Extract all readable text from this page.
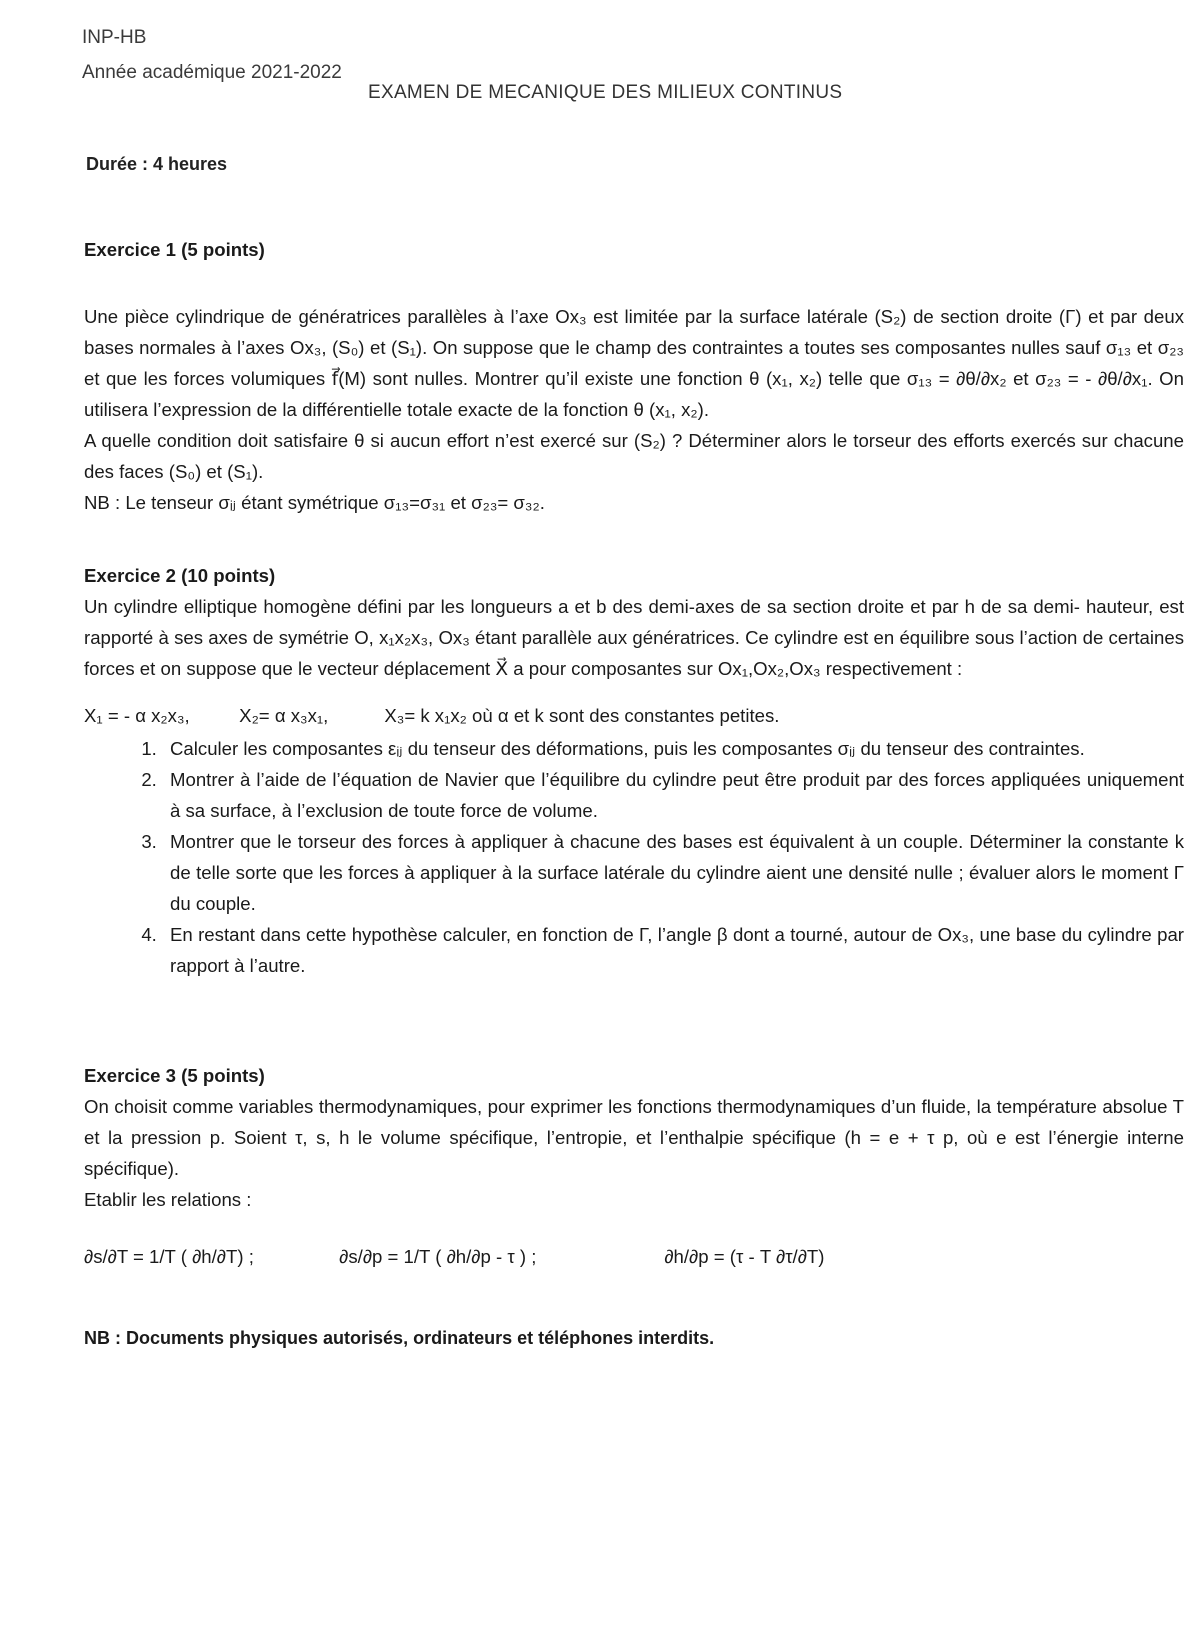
INP-HB
Année académique 2021-2022
EXAMEN DE MECANIQUE DES MILIEUX CONTINUS
Durée : 4 heures

Exercice 1 (5 points)

Une pièce cylindrique de génératrices parallèles à l’axe Ox₃ est limitée par la surface latérale (S₂) de section droite (Γ) et par deux bases normales à l’axes Ox₃, (S₀) et (S₁). On suppose que le champ des contraintes a toutes ses composantes nulles sauf σ₁₃ et σ₂₃ et que les forces volumiques f⃗(M) sont nulles. Montrer qu’il existe une fonction θ (x₁, x₂) telle que σ₁₃ = ∂θ/∂x₂ et σ₂₃ = - ∂θ/∂x₁. On utilisera l’expression de la différentielle totale exacte de la fonction θ (x₁, x₂).

A quelle condition doit satisfaire θ si aucun effort n’est exercé sur (S₂) ? Déterminer alors le torseur des efforts exercés sur chacune des faces (S₀) et (S₁).

NB : Le tenseur σᵢⱼ étant symétrique σ₁₃=σ₃₁ et σ₂₃= σ₃₂.

Exercice 2 (10 points)

Un cylindre elliptique homogène défini par les longueurs a et b des demi-axes de sa section droite et par h de sa demi- hauteur, est rapporté à ses axes de symétrie O, x₁x₂x₃, Ox₃ étant parallèle aux génératrices. Ce cylindre est en équilibre sous l’action de certaines forces et on suppose que le vecteur déplacement X⃗ a pour composantes sur Ox₁,Ox₂,Ox₃ respectivement :

X₁ = - α x₂x₃,	X₂= α x₃x₁,	X₃= k x₁x₂ où α et k sont des constantes petites.
1. Calculer les composantes εᵢⱼ du tenseur des déformations, puis les composantes σᵢⱼ du tenseur des contraintes.
2. Montrer à l’aide de l’équation de Navier que l’équilibre du cylindre peut être produit par des forces appliquées uniquement à sa surface, à l’exclusion de toute force de volume.
3. Montrer que le torseur des forces à appliquer à chacune des bases est équivalent à un couple. Déterminer la constante k de telle sorte que les forces à appliquer à la surface latérale du cylindre aient une densité nulle ; évaluer alors le moment Γ du couple.
4. En restant dans cette hypothèse calculer, en fonction de Γ, l’angle β dont a tourné, autour de Ox₃, une base du cylindre par rapport à l’autre.

Exercice 3 (5 points)

On choisit comme variables thermodynamiques, pour exprimer les fonctions thermodynamiques d’un fluide, la température absolue T et la pression p. Soient τ, s, h le volume spécifique, l’entropie, et l’enthalpie spécifique (h = e + τ p, où e est l’énergie interne spécifique).

Etablir les relations :

∂s/∂T = 1/T ( ∂h/∂T) ;	∂s/∂p = 1/T ( ∂h/∂p - τ ) ;	∂h/∂p = (τ - T ∂τ/∂T)
NB : Documents physiques autorisés, ordinateurs et téléphones interdits.
